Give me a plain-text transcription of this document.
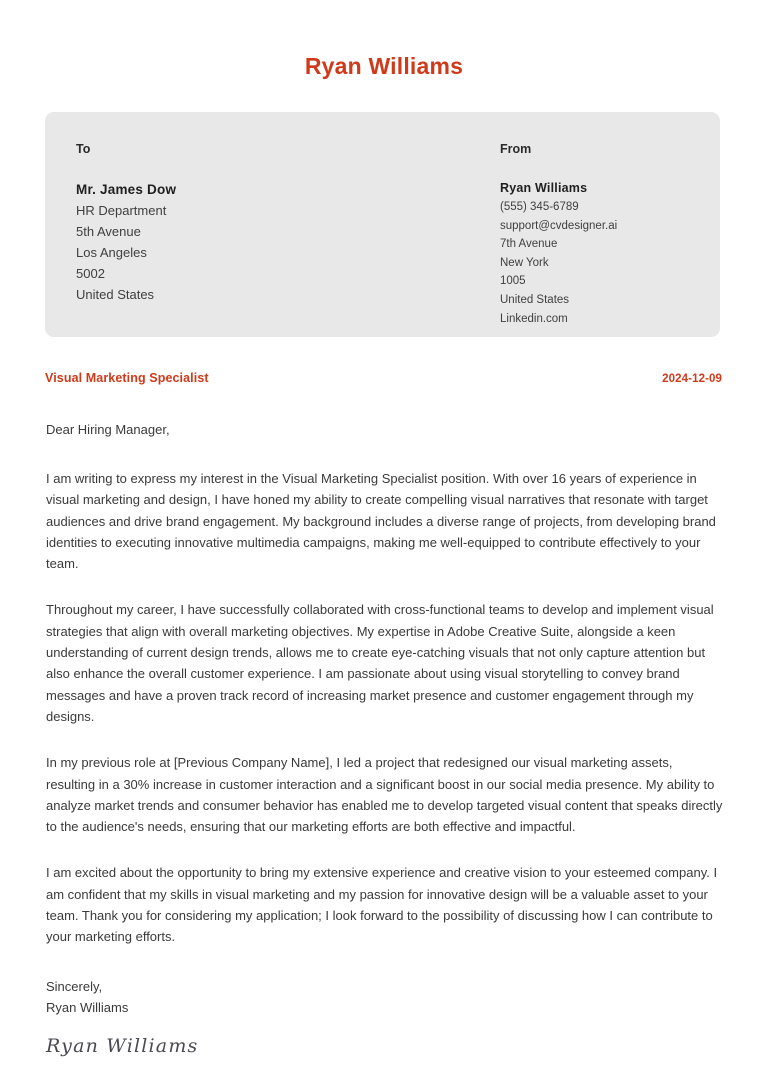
Ryan Williams
To
Mr. James Dow
HR Department
5th Avenue
Los Angeles
5002
United States
From
Ryan Williams
(555) 345-6789
support@cvdesigner.ai
7th Avenue
New York
1005
United States
Linkedin.com
Visual Marketing Specialist	2024-12-09
Dear Hiring Manager,

I am writing to express my interest in the Visual Marketing Specialist position. With over 16 years of experience in visual marketing and design, I have honed my ability to create compelling visual narratives that resonate with target audiences and drive brand engagement. My background includes a diverse range of projects, from developing brand identities to executing innovative multimedia campaigns, making me well-equipped to contribute effectively to your team.

Throughout my career, I have successfully collaborated with cross-functional teams to develop and implement visual strategies that align with overall marketing objectives. My expertise in Adobe Creative Suite, alongside a keen understanding of current design trends, allows me to create eye-catching visuals that not only capture attention but also enhance the overall customer experience. I am passionate about using visual storytelling to convey brand messages and have a proven track record of increasing market presence and customer engagement through my designs.

In my previous role at [Previous Company Name], I led a project that redesigned our visual marketing assets, resulting in a 30% increase in customer interaction and a significant boost in our social media presence. My ability to analyze market trends and consumer behavior has enabled me to develop targeted visual content that speaks directly to the audience's needs, ensuring that our marketing efforts are both effective and impactful.

I am excited about the opportunity to bring my extensive experience and creative vision to your esteemed company. I am confident that my skills in visual marketing and my passion for innovative design will be a valuable asset to your team. Thank you for considering my application; I look forward to the possibility of discussing how I can contribute to your marketing efforts.

Sincerely,
Ryan Williams
Ryan Williams
